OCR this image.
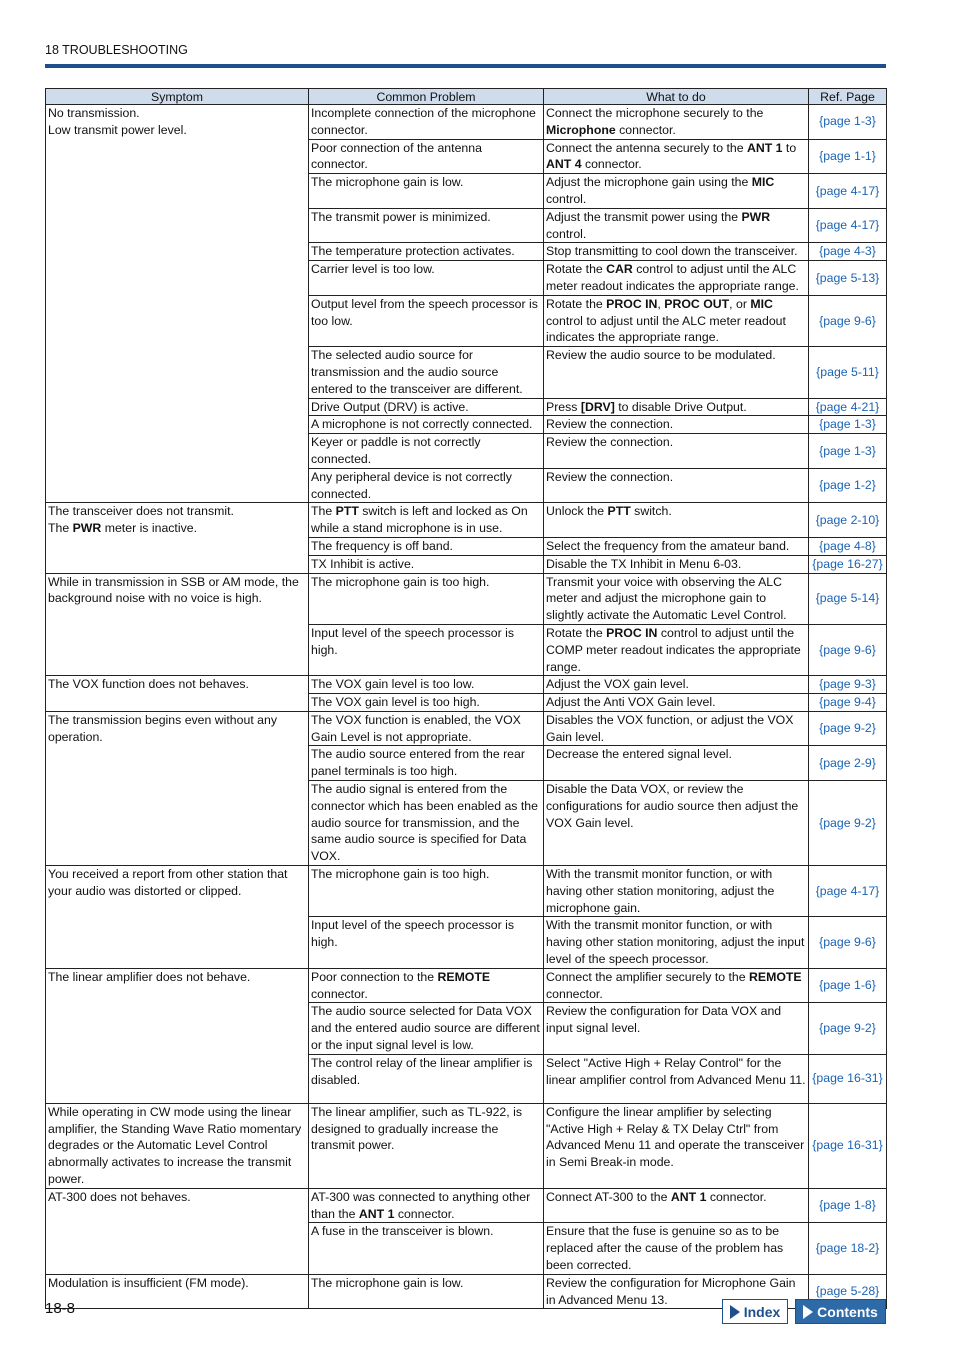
18 TROUBLESHOOTING
Symptom	Common Problem	What to do	Ref. Page
No transmission.
Low transmit power level.	Incomplete connection of the microphone connector.	Connect the microphone securely to the Microphone connector.	{page 1-3}
	Poor connection of the antenna connector.	Connect the antenna securely to the ANT 1 to ANT 4 connector.	{page 1-1}
	The microphone gain is low.	Adjust the microphone gain using the MIC control.	{page 4-17}
	The transmit power is minimized.	Adjust the transmit power using the PWR control.	{page 4-17}
	The temperature protection activates.	Stop transmitting to cool down the transceiver.	{page 4-3}
	Carrier level is too low.	Rotate the CAR control to adjust until the ALC meter readout indicates the appropriate range.	{page 5-13}
	Output level from the speech processor is too low.	Rotate the PROC IN, PROC OUT, or MIC control to adjust until the ALC meter readout indicates the appropriate range.	{page 9-6}
	The selected audio source for transmission and the audio source entered to the transceiver are different.	Review the audio source to be modulated.	{page 5-11}
	Drive Output (DRV) is active.	Press [DRV] to disable Drive Output.	{page 4-21}
	A microphone is not correctly connected.	Review the connection.	{page 1-3}
	Keyer or paddle is not correctly connected.	Review the connection.	{page 1-3}
	Any peripheral device is not correctly connected.	Review the connection.	{page 1-2}
The transceiver does not transmit.
The PWR meter is inactive.	The PTT switch is left and locked as On while a stand microphone is in use.	Unlock the PTT switch.	{page 2-10}
	The frequency is off band.	Select the frequency from the amateur band.	{page 4-8}
	TX Inhibit is active.	Disable the TX Inhibit in Menu 6-03.	{page 16-27}
While in transmission in SSB or AM mode, the background noise with no voice is high.	The microphone gain is too high.	Transmit your voice with observing the ALC meter and adjust the microphone gain to slightly activate the Automatic Level Control.	{page 5-14}
	Input level of the speech processor is high.	Rotate the PROC IN control to adjust until the COMP meter readout indicates the appropriate range.	{page 9-6}
The VOX function does not behaves.	The VOX gain level is too low.	Adjust the VOX gain level.	{page 9-3}
	The VOX gain level is too high.	Adjust the Anti VOX Gain level.	{page 9-4}
The transmission begins even without any operation.	The VOX function is enabled, the VOX Gain Level is not appropriate.	Disables the VOX function, or adjust the VOX Gain level.	{page 9-2}
	The audio source entered from the rear panel terminals is too high.	Decrease the entered signal level.	{page 2-9}
	The audio signal is entered from the connector which has been enabled as the audio source for transmission, and the same audio source is specified for Data VOX.	Disable the Data VOX, or review the configurations for audio source then adjust the VOX Gain level.	{page 9-2}
You received a report from other station that your audio was distorted or clipped.	The microphone gain is too high.	With the transmit monitor function, or with having other station monitoring, adjust the microphone gain.	{page 4-17}
	Input level of the speech processor is high.	With the transmit monitor function, or with having other station monitoring, adjust the input level of the speech processor.	{page 9-6}
The linear amplifier does not behave.	Poor connection to the REMOTE connector.	Connect the amplifier securely to the REMOTE connector.	{page 1-6}
	The audio source selected for Data VOX and the entered audio source are different or the input signal level is low.	Review the configuration for Data VOX and input signal level.	{page 9-2}
	The control relay of the linear amplifier is disabled.	Select "Active High + Relay Control" for the linear amplifier control from Advanced Menu 11.	{page 16-31}
While operating in CW mode using the linear amplifier, the Standing Wave Ratio momentary degrades or the Automatic Level Control abnormally activates to increase the transmit power.	The linear amplifier, such as TL-922, is designed to gradually increase the transmit power.	Configure the linear amplifier by selecting "Active High + Relay & TX Delay Ctrl" from Advanced Menu 11 and operate the transceiver in Semi Break-in mode.	{page 16-31}
AT-300 does not behaves.	AT-300 was connected to anything other than the ANT 1 connector.	Connect AT-300 to the ANT 1 connector.	{page 1-8}
	A fuse in the transceiver is blown.	Ensure that the fuse is genuine so as to be replaced after the cause of the problem has been corrected.	{page 18-2}
Modulation is insufficient (FM mode).	The microphone gain is low.	Review the configuration for Microphone Gain in Advanced Menu 13.	{page 5-28}
18-8	Index	Contents
